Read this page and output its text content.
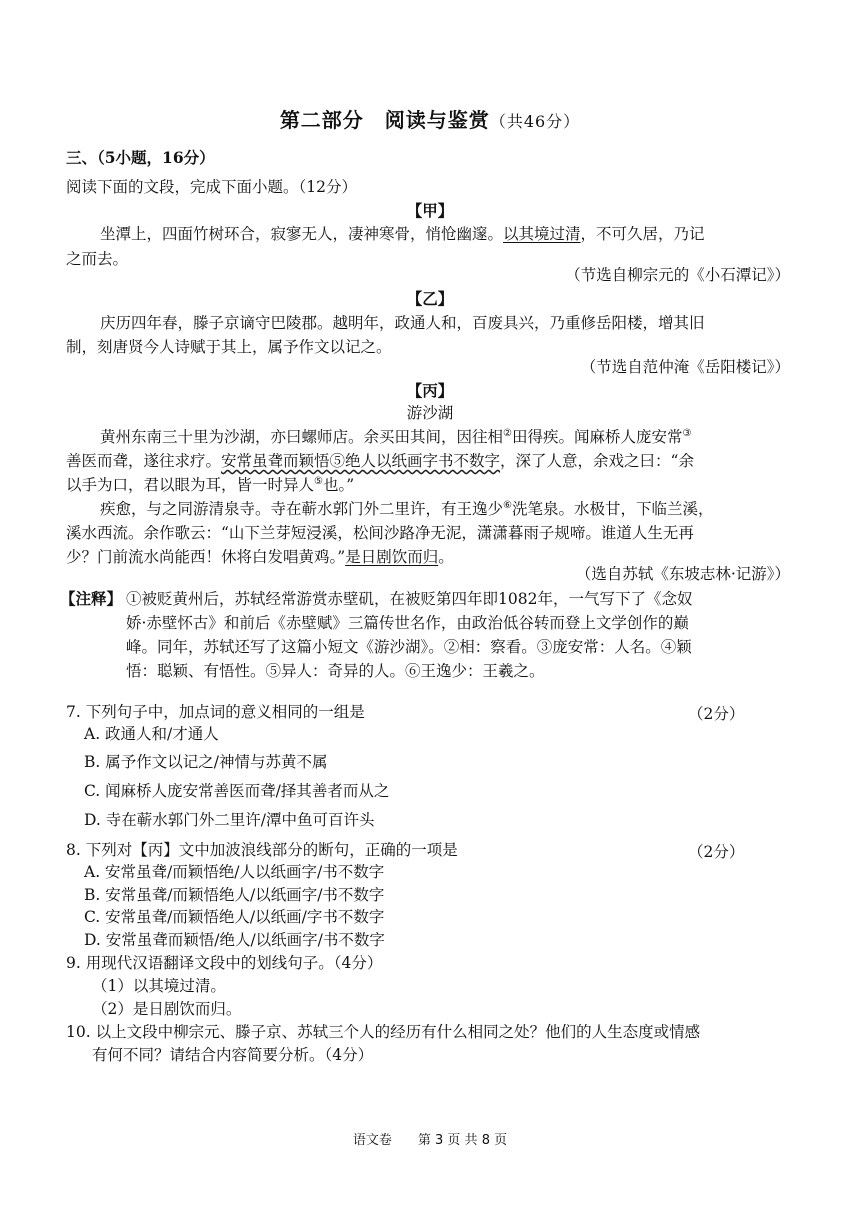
第二部分　阅读与鉴赏（共46分）
三、（5小题，16分）
阅读下面的文段，完成下面小题。（12分）
【甲】
坐潭上，四面竹树环合，寂寥无人，凄神寒骨，悄怆幽邃。以其境过清，不可久居，乃记
之而去。
（节选自柳宗元的《小石潭记》）
【乙】
庆历四年春，滕子京谪守巴陵郡。越明年，政通人和，百废具兴，乃重修岳阳楼，增其旧
制，刻唐贤今人诗赋于其上，属予作文以记之。
（节选自范仲淹《岳阳楼记》）
【丙】
游沙湖
黄州东南三十里为沙湖，亦曰螺师店。余买田其间，因往相②田得疾。闻麻桥人庞安常③
善医而聋，遂往求疗。安常虽聋而颖悟⑤绝人以纸画字书不数字，深了人意，余戏之曰：“余
以手为口，君以眼为耳，皆一时异人⑤也。”
疾愈，与之同游清泉寺。寺在蕲水郭门外二里许，有王逸少⑥洗笔泉。水极甘，下临兰溪，
溪水西流。余作歌云：“山下兰芽短浸溪，松间沙路净无泥，潇潇暮雨子规啼。谁道人生无再
少？门前流水尚能西！休将白发唱黄鸡。”是日剧饮而归。
（选自苏轼《东坡志林·记游》）
【注释】 ①被贬黄州后，苏轼经常游赏赤壁矶，在被贬第四年即1082年，一气写下了《念奴
娇·赤壁怀古》和前后《赤壁赋》三篇传世名作，由政治低谷转而登上文学创作的巅
峰。同年，苏轼还写了这篇小短文《游沙湖》。②相：察看。③庞安常：人名。④颖
悟：聪颖、有悟性。⑤异人：奇异的人。⑥王逸少：王羲之。
7. 下列句子中，加点词的意义相同的一组是	（2分）
A. 政通人和/才通人
B. 属予作文以记之/神情与苏黄不属
C. 闻麻桥人庞安常善医而聋/择其善者而从之
D. 寺在蕲水郭门外二里许/潭中鱼可百许头
8. 下列对【丙】文中加波浪线部分的断句，正确的一项是	（2分）
A. 安常虽聋/而颖悟绝/人以纸画字/书不数字
B. 安常虽聋/而颖悟绝人/以纸画字/书不数字
C. 安常虽聋/而颖悟绝人/以纸画/字书不数字
D. 安常虽聋而颖悟/绝人/以纸画字/书不数字
9. 用现代汉语翻译文段中的划线句子。（4分）
（1）以其境过清。
（2）是日剧饮而归。
10. 以上文段中柳宗元、滕子京、苏轼三个人的经历有什么相同之处？他们的人生态度或情感
有何不同？请结合内容简要分析。（4分）
语文卷　　第 3 页 共 8 页
